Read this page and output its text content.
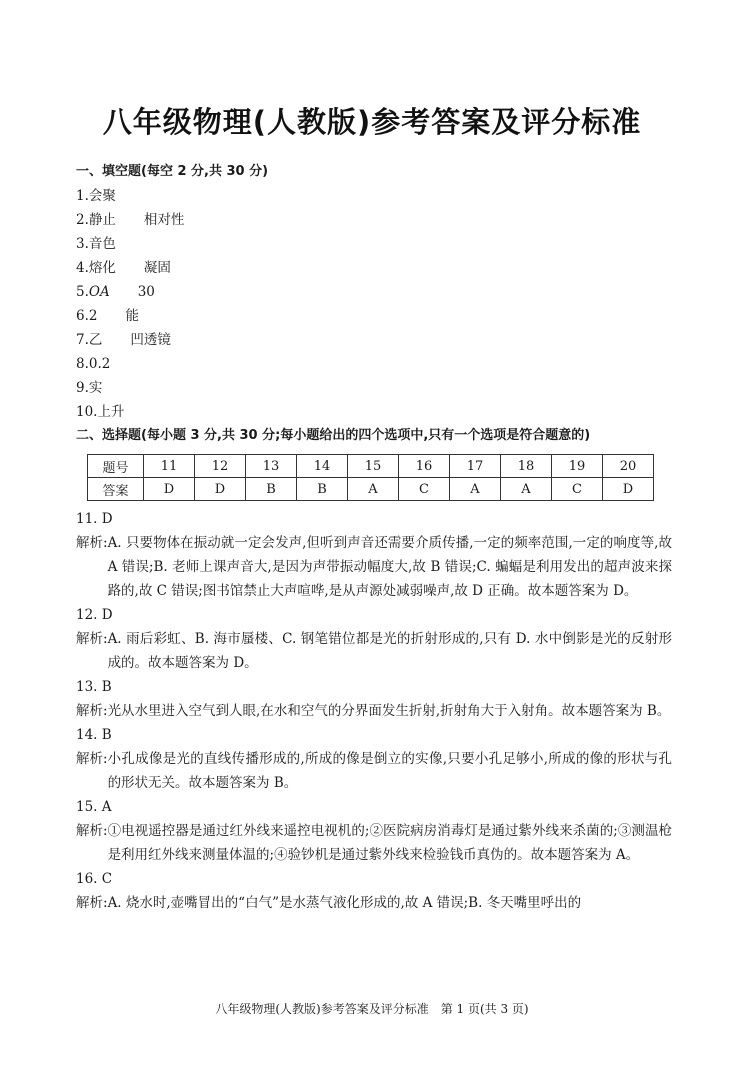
八年级物理(人教版)参考答案及评分标准
一、填空题(每空 2 分,共 30 分)
1.会聚
2.静止 相对性
3.音色
4.熔化 凝固
5.OA 30
6.2 能
7.乙 凹透镜
8.0.2
9.实
10.上升
二、选择题(每小题 3 分,共 30 分;每小题给出的四个选项中,只有一个选项是符合题意的)
题号	11	12	13	14	15	16	17	18	19	20
答案	D	D	B	B	A	C	A	A	C	D
11. D
解析: A. 只要物体在振动就一定会发声,但听到声音还需要介质传播,一定的频率范围,一定的响度等,故 A 错误;B. 老师上课声音大,是因为声带振动幅度大,故 B 错误;C. 蝙蝠是利用发出的超声波来探路的,故 C 错误;图书馆禁止大声喧哗,是从声源处减弱噪声,故 D 正确。故本题答案为 D。
12. D
解析: A. 雨后彩虹、B. 海市蜃楼、C. 钢笔错位都是光的折射形成的,只有 D. 水中倒影是光的反射形成的。故本题答案为 D。
13. B
解析: 光从水里进入空气到人眼,在水和空气的分界面发生折射,折射角大于入射角。故本题答案为 B。
14. B
解析: 小孔成像是光的直线传播形成的,所成的像是倒立的实像,只要小孔足够小,所成的像的形状与孔的形状无关。故本题答案为 B。
15. A
解析: ①电视遥控器是通过红外线来遥控电视机的;②医院病房消毒灯是通过紫外线来杀菌的;③测温枪是利用红外线来测量体温的;④验钞机是通过紫外线来检验钱币真伪的。故本题答案为 A。
16. C
解析: A. 烧水时,壶嘴冒出的“白气”是水蒸气液化形成的,故 A 错误;B. 冬天嘴里呼出的
八年级物理(人教版)参考答案及评分标准　第 1 页(共 3 页)
